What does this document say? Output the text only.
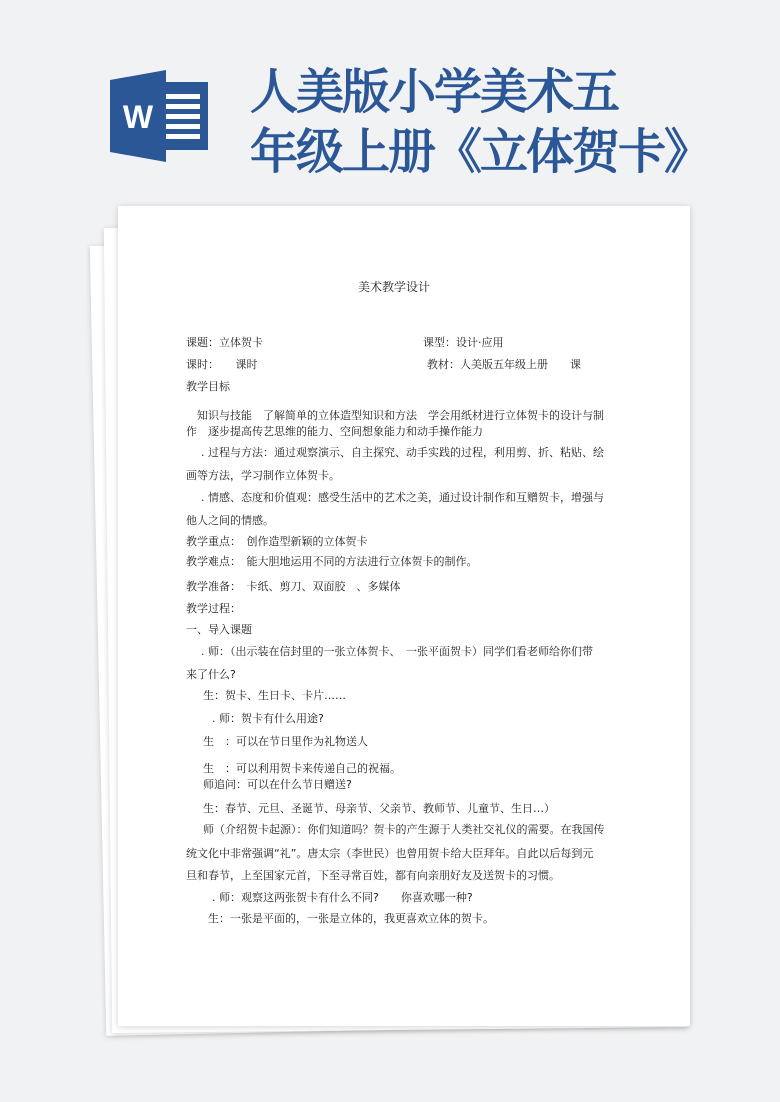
W 人美版小学美术五
年级上册《立体贺卡》
美术教学设计
课题：立体贺卡	课型：设计·应用
课时：　　课时	教材：人美版五年级上册　　课
教学目标
知识与技能　了解简单的立体造型知识和方法　学会用纸材进行立体贺卡的设计与制
作　逐步提高传艺思维的能力、空间想象能力和动手操作能力
. 过程与方法：通过观察演示、自主探究、动手实践的过程，利用剪、折、粘贴、绘
画等方法，学习制作立体贺卡。
. 情感、态度和价值观：感受生活中的艺术之美，通过设计制作和互赠贺卡，增强与
他人之间的情感。
教学重点：　创作造型新颖的立体贺卡
教学难点：　能大胆地运用不同的方法进行立体贺卡的制作。
教学准备：　卡纸、剪刀、双面胶　、多媒体
教学过程：
一、导入课题
. 师：（出示装在信封里的一张立体贺卡、　一张平面贺卡）同学们看老师给你们带
来了什么?
生：贺卡、生日卡、卡片……
. 师：贺卡有什么用途?
生　：可以在节日里作为礼物送人
生　：可以利用贺卡来传递自己的祝福。
师追问：可以在什么节日赠送?
生：春节、元旦、圣诞节、母亲节、父亲节、教师节、儿童节、生日…）
师（介绍贺卡起源）：你们知道吗？贺卡的产生源于人类社交礼仪的需要。在我国传
统文化中非常强调“礼”。唐太宗（李世民）也曾用贺卡给大臣拜年。自此以后每到元
旦和春节，上至国家元首，下至寻常百姓，都有向亲朋好友及送贺卡的习惯。
. 师：观察这两张贺卡有什么不同?　　你喜欢哪一种?
生：一张是平面的，一张是立体的，我更喜欢立体的贺卡。
